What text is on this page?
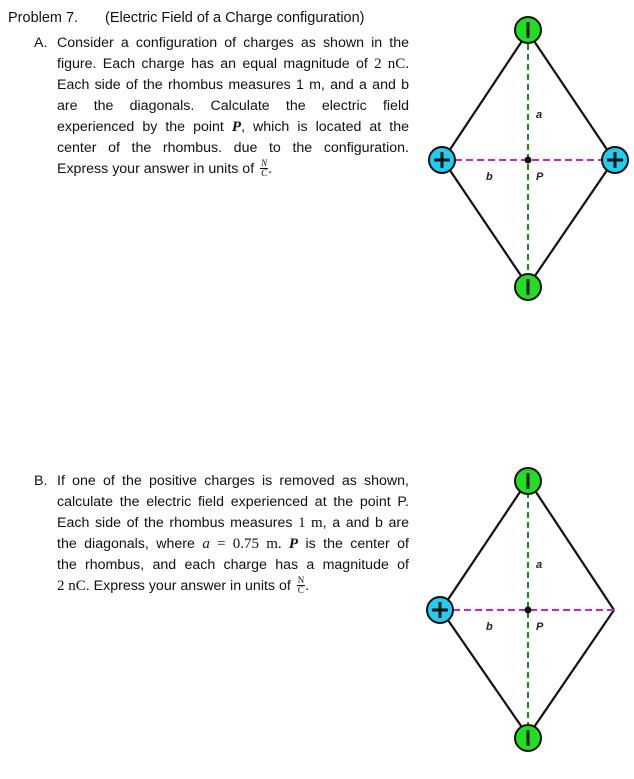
Problem 7. (Electric Field of a Charge configuration)
A. Consider a configuration of charges as shown in the
figure. Each charge has an equal magnitude of 2 nC.
Each side of the rhombus measures 1 m, and a and b
are the diagonals. Calculate the electric field
experienced by the point P, which is located at the
center of the rhombus. due to the configuration.
Express your answer in units of $\frac{N}{C}$ .
B. If one of the positive charges is removed as shown,
calculate the electric field experienced at the point P.
Each side of the rhombus measures 1 m, a and b are
the diagonals, where a = 0.75 m. P is the center of
the rhombus, and each charge has a magnitude of
2 nC. Express your answer in units of $\frac{N}{C}$ .
a
b	P
a
b	P
